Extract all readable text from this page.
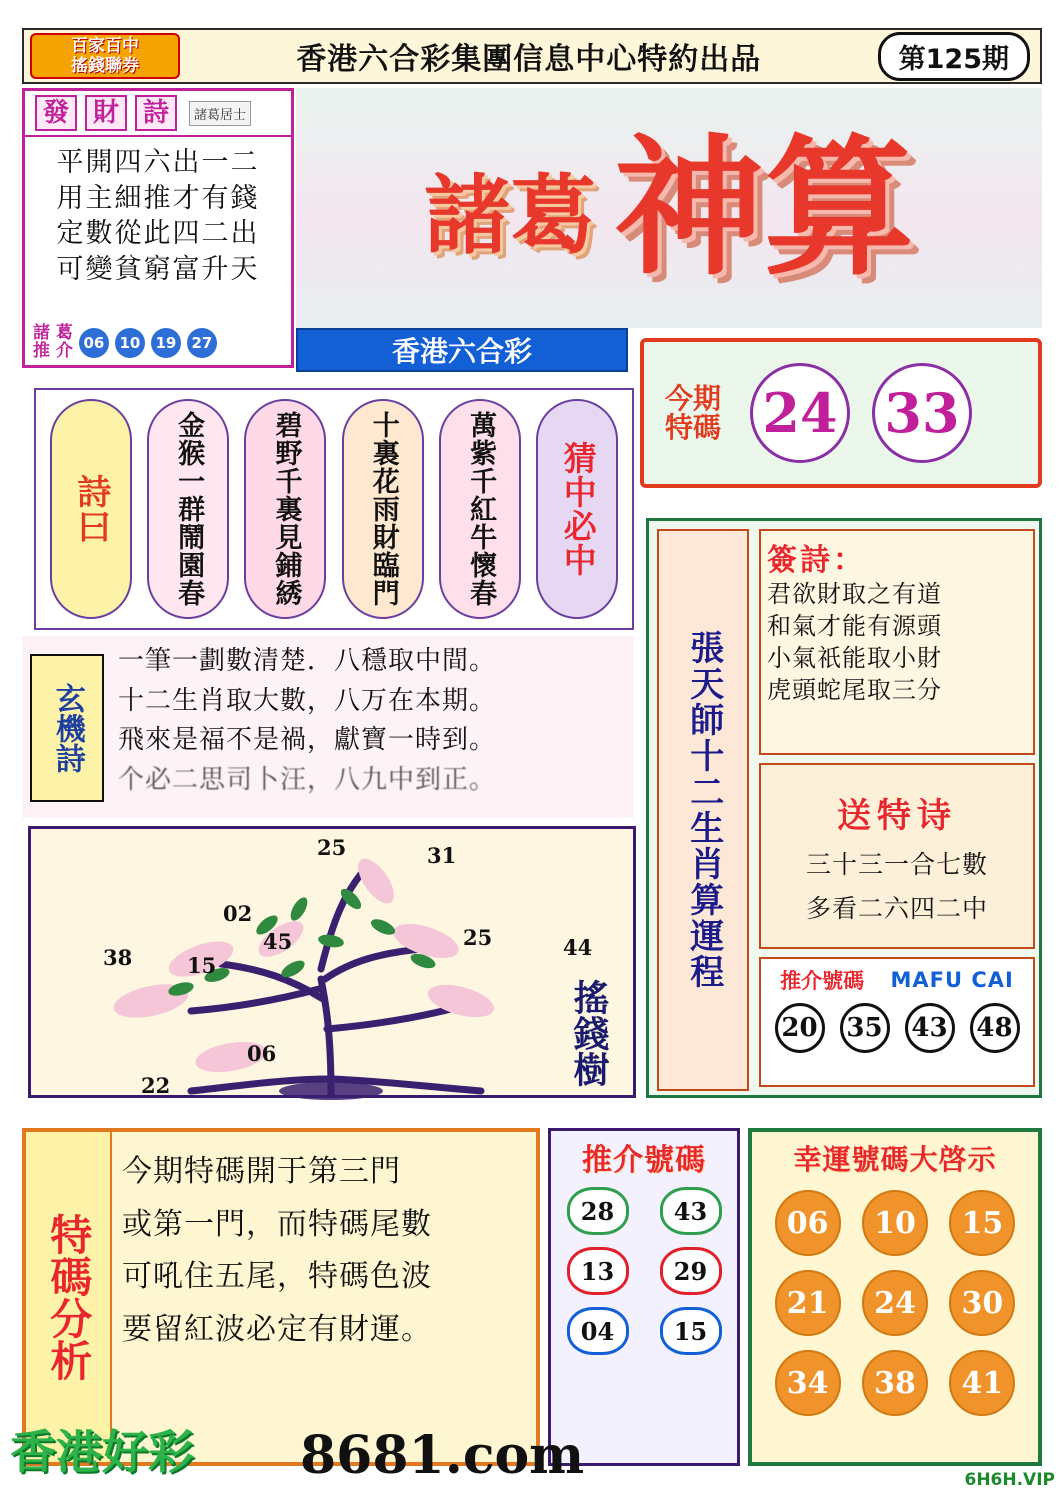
百家百中
搖錢聯券	香港六合彩集團信息中心特約出品	第125期
發 財 詩	諸葛居士
平開四六出一二
用主細推才有錢
定數從此四二出
可變貧窮富升天
諸 葛
推 介 06	10	19	27
諸葛 神算
香港六合彩
今期特碼 24 33
詩曰	金猴一群鬧園春	碧野千裏見鋪綉	十裏花雨財臨門	萬紫千紅牛懷春	猜中必中
玄機詩
一筆一劃數清楚．八穩取中間。
十二生肖取大數，八万在本期。
飛來是福不是禍，獻寶一時到。
个必二思司卜汪，八九中到正。
25	31
02
25
45	44
38	15
06
22	搖錢樹
張天師十二生肖算運程
簽詩：
君欲財取之有道
和氣才能有源頭
小氣祇能取小財
虎頭蛇尾取三分
送特诗
三十三一合七數
多看二六四二中
推介號碼 MAFU CAI
20 35 43 48
特碼分析
今期特碼開于第三門
或第一門，而特碼尾數
可吼住五尾，特碼色波
要留紅波必定有財運。
推介號碼
28	43
13	29
04	15
幸運號碼大啓示
06	10	15
21	24	30
34	38	41
香港好彩 8681.com	6H6H.VIP
